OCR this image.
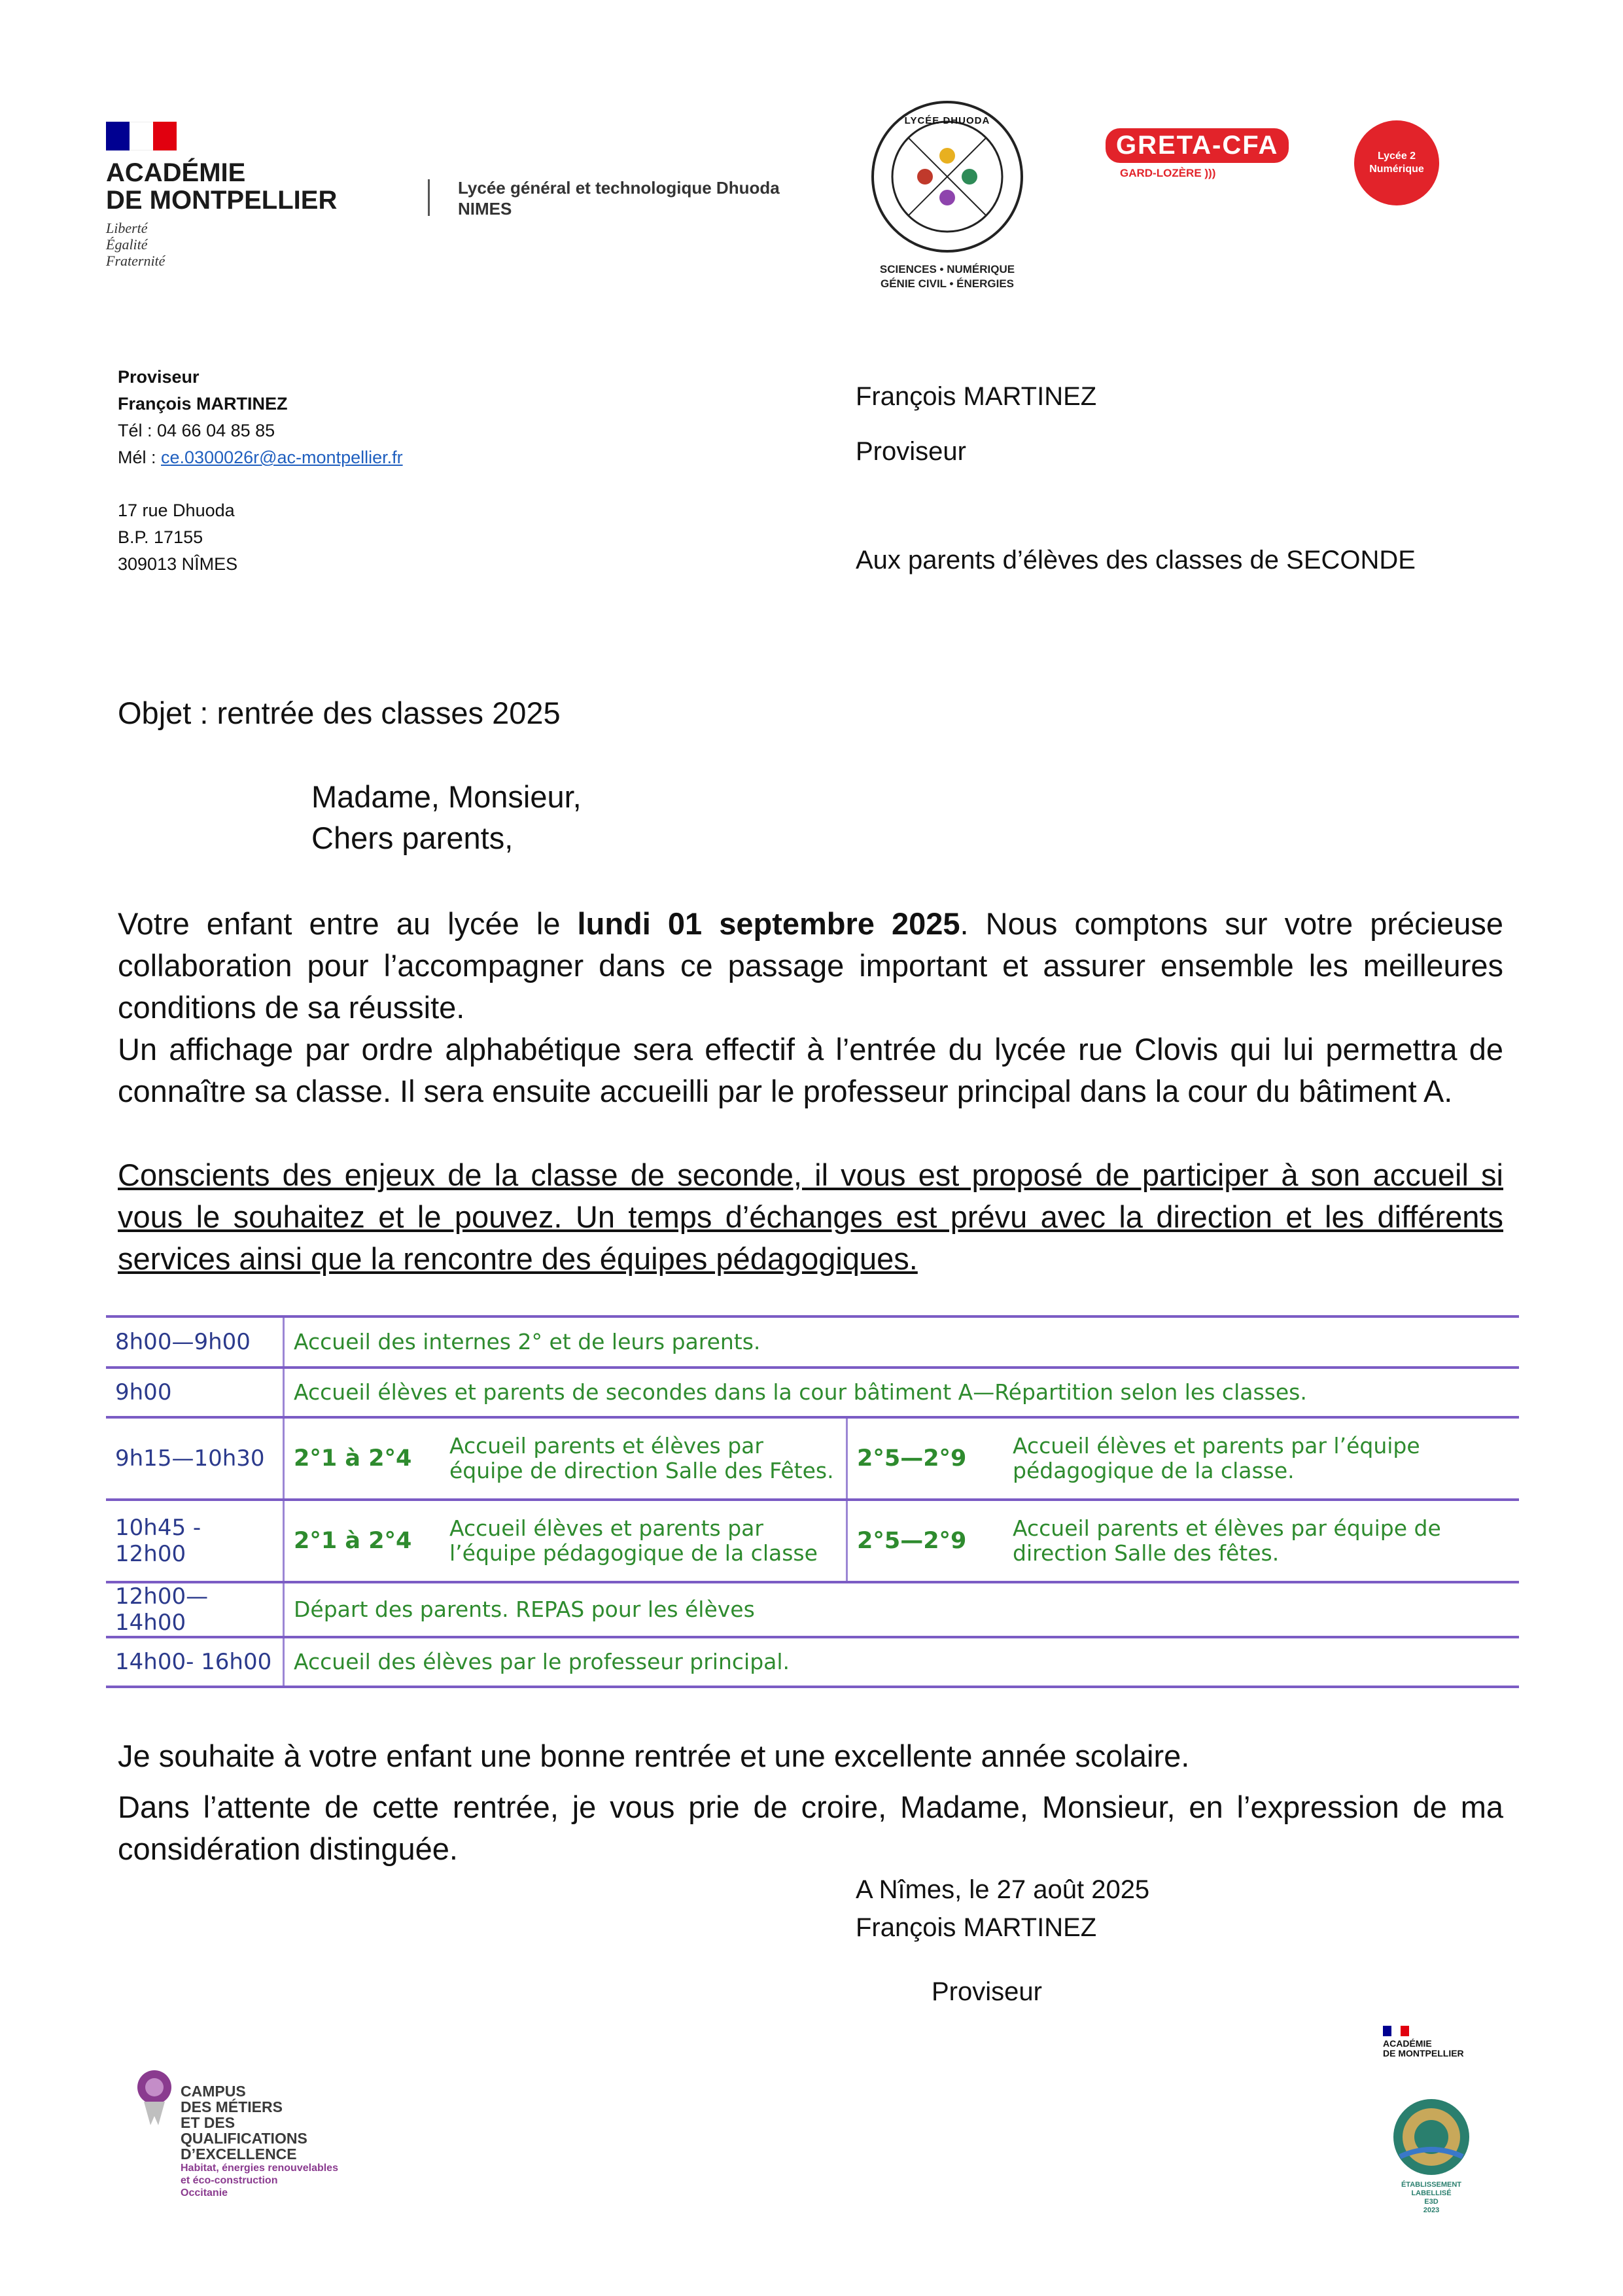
ACADÉMIE
DE MONTPELLIER
Liberté
Égalité
Fraternité
Lycée général et technologique Dhuoda
NIMES
LYCÉE DHUODA
SCIENCES • NUMÉRIQUE
GÉNIE CIVIL • ÉNERGIES
GRETA-CFA
GARD-LOZÈRE )))
Lycée 2 Numérique
Proviseur
François MARTINEZ
Tél : 04 66 04 85 85
Mél : ce.0300026r@ac-montpellier.fr
17 rue Dhuoda
B.P. 17155
309013 NÎMES
François MARTINEZ
Proviseur
Aux parents d’élèves des classes de SECONDE
Objet : rentrée des classes 2025
Madame, Monsieur,
Chers parents,
Votre enfant entre au lycée le lundi 01 septembre 2025. Nous comptons sur votre précieuse collaboration pour l’accompagner dans ce passage important et assurer ensemble les meilleures conditions de sa réussite.
Un affichage par ordre alphabétique sera effectif à l’entrée du lycée rue Clovis qui lui permettra de connaître sa classe. Il sera ensuite accueilli par le professeur principal dans la cour du bâtiment A.
Conscients des enjeux de la classe de seconde, il vous est proposé de participer à son accueil si vous le souhaitez et le pouvez. Un temps d’échanges est prévu avec la direction et les différents services ainsi que la rencontre des équipes pédagogiques.
8h00—9h00	Accueil des internes 2° et de leurs parents.			
9h00	Accueil élèves et parents de secondes dans la cour bâtiment A—Répartition selon les classes.			
9h15—10h30	2°1 à 2°4	Accueil parents et élèves par équipe de direction Salle des Fêtes.	2°5—2°9	Accueil élèves et parents par l’équipe pédagogique de la classe.
10h45 - 12h00	2°1 à 2°4	Accueil élèves et parents par l’équipe pédagogique de la classe	2°5—2°9	Accueil parents et élèves par équipe de direction Salle des fêtes.
12h00—14h00	Départ des parents. REPAS pour les élèves			
14h00- 16h00	Accueil des élèves par le professeur principal.			
Je souhaite à votre enfant une bonne rentrée et une excellente année scolaire.
Dans l’attente de cette rentrée, je vous prie de croire, Madame, Monsieur, en l’expression de ma considération distinguée.
A Nîmes, le 27 août 2025
François MARTINEZ
Proviseur
CAMPUS
DES MÉTIERS
ET DES
QUALIFICATIONS
D’EXCELLENCE
Habitat, énergies renouvelables
et éco-construction
Occitanie
ACADÉMIE
DE MONTPELLIER
ÉTABLISSEMENT
LABELLISÉ
E3D
2023
